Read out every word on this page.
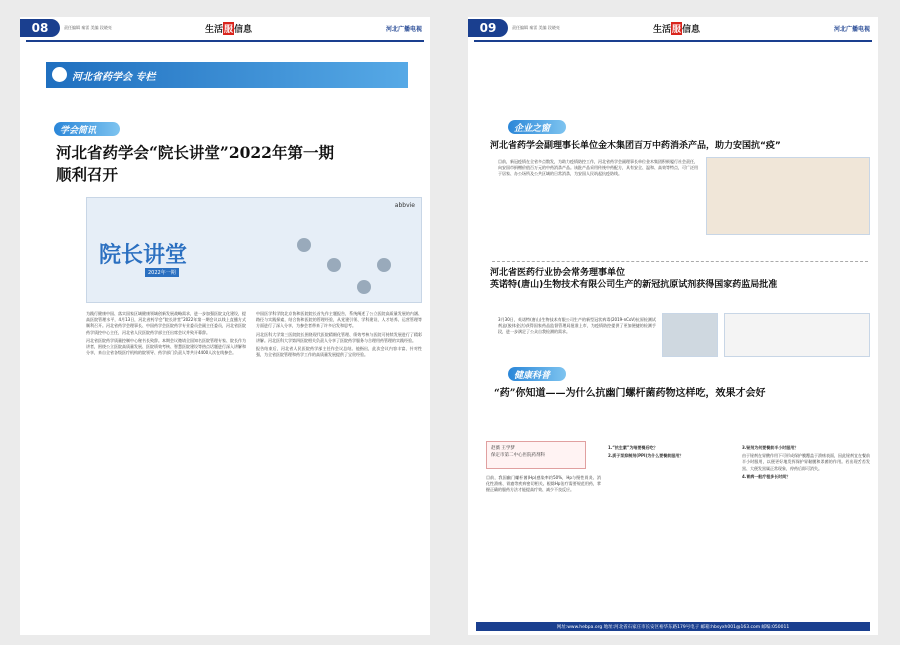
08	责任编辑 秦雷 美编 段晓亮	生活服信息	河北广播电视
河北省药学会 专栏
学会简讯
河北省药学会“院长讲堂”2022年第一期
顺利召开
院长讲堂
2022年一期
abbvie

为践行健康中国、落实国家区域健康领域创新发展战略需求，进一步加强医院文化建设，提高医院管理水平，4月13日，河北省药学会“院长讲堂”2022年第一期会议以线上直播方式顺利召开。河北省药学会理事长、中国药学会医院药学专业委员会副主任委员，河北省医院药学质控中心主任，河北省人民医院药学部主任出席会议并致开幕辞。

河北省医院药学质量控制中心秘书长致辞。本期会议邀请全国知名医院管理专家、院长作为讲者，围绕公立医院高质量发展、医院绩效考核、智慧医院建设等热点话题进行深入讲解和分享，来自全省各级医疗机构的院领导、药学部门负责人等共计4400人次在线参会。

中国医学科学院北京协和医院院长首先作主题报告，系统阐述了公立医院高质量发展的内涵、路径与实践探索，结合协和医院的管理经验，从党建引领、学科建设、人才培养、运营管理等方面进行了深入分享，为参会者带来了许多启发和思考。

河北医科大学第三医院院长围绕现代医院精细化管理、绩效考核与医院可持续发展进行了精彩讲解。河北医科大学第四医院相关负责人分享了医院药学服务与合理用药管理的实践经验。

报告结束后，河北省人民医院药学部主任作会议总结。他指出，此次会议内容丰富、针对性强，为全省医院管理和药学工作的高质量发展提供了宝贵经验。

09	责任编辑 秦雷 美编 段晓亮	生活服信息	河北广播电视
企业之窗
河北省药学会副理事长单位金木集团百万中药消杀产品，助力安国抗“疫”
目前，新冠疫情在全省多点散发，为助力疫情防控工作，河北省药学会副理事长单位金木集团积极履行社会责任，向安国市捐赠价值百万元的中药消杀产品。该批产品采用传统中药配方，具有安全、温和、高效等特点，可广泛用于居家、办公场所及公共区域的日常消杀，为安国人民筑起抗疫防线。
河北省医药行业协会常务理事单位
英诺特(唐山)生物技术有限公司生产的新冠抗原试剂获得国家药监局批准
3月30日，英诺特(唐山)生物技术有限公司生产的新型冠状病毒(2019-nCoV)抗原检测试剂盒(胶体金法)获得国家药品监督管理局批准上市，为疫情防控提供了更加便捷的检测手段，进一步满足了公众自我检测的需求。
健康科普
“药”你知道——为什么抗幽门螺杆菌药物这样吃，效果才会好
赵薇 王学梦
保定市第二中心医院药剂科
目前，我国幽门螺杆菌(Hp)感染率约50%，Hp与慢性胃炎、消化性溃疡、胃癌等疾病密切相关。根除Hp治疗需要规范用药，掌握正确的服药方法才能提高疗效、减少不良反应。

1.“抗生素”为啥要餐后吃？

2.质子泵抑制剂(PPI)为什么要餐前服用？

3.铋剂为何要餐前半小时服用？

由于铋剂在胃酸作用下可形成保护膜覆盖于溃疡表面，因此铋剂宜在餐前半小时服用，以便更好地发挥保护胃黏膜和杀菌的作用。若出现舌苔发黑、大便发黑属正常现象，停药后即可消失。

4.胃病一般疗程多长时间？

网址:www.hebpa.org 地址:河北省石家庄市长安区裕华东路179号电子 邮箱:hbsyxh001@163.com 邮编:050011
